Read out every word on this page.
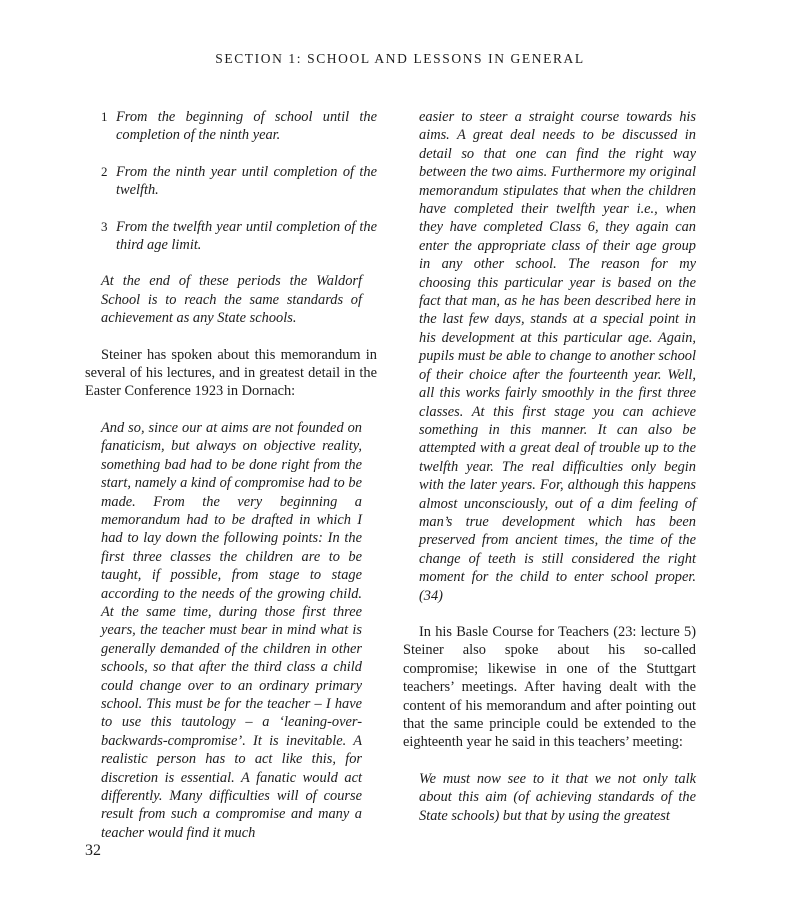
SECTION 1: SCHOOL AND LESSONS IN GENERAL
1 From the beginning of school until the completion of the ninth year.
2 From the ninth year until completion of the twelfth.
3 From the twelfth year until completion of the third age limit.

At the end of these periods the Waldorf School is to reach the same standards of achievement as any State schools.

Steiner has spoken about this memorandum in several of his lectures, and in greatest detail in the Easter Conference 1923 in Dornach:

And so, since our at aims are not founded on fanaticism, but always on objective reality, something bad had to be done right from the start, namely a kind of compromise had to be made. From the very beginning a memorandum had to be drafted in which I had to lay down the following points: In the first three classes the children are to be taught, if possible, from stage to stage according to the needs of the growing child. At the same time, during those first three years, the teacher must bear in mind what is generally demanded of the children in other schools, so that after the third class a child could change over to an ordinary primary school. This must be for the teacher – I have to use this tautology – a ‘leaning-over-backwards-compromise’. It is inevitable. A realistic person has to act like this, for discretion is essential. A fanatic would act differently. Many difficulties will of course result from such a compromise and many a teacher would find it much

easier to steer a straight course towards his aims. A great deal needs to be discussed in detail so that one can find the right way between the two aims. Furthermore my original memorandum stipulates that when the children have completed their twelfth year i.e., when they have completed Class 6, they again can enter the appropriate class of their age group in any other school. The reason for my choosing this particular year is based on the fact that man, as he has been described here in the last few days, stands at a special point in his development at this particular age. Again, pupils must be able to change to another school of their choice after the fourteenth year. Well, all this works fairly smoothly in the first three classes. At this first stage you can achieve something in this manner. It can also be attempted with a great deal of trouble up to the twelfth year. The real difficulties only begin with the later years. For, although this happens almost unconsciously, out of a dim feeling of man’s true development which has been preserved from ancient times, the time of the change of teeth is still considered the right moment for the child to enter school proper. (34)

In his Basle Course for Teachers (23: lecture 5) Steiner also spoke about his so-called compromise; likewise in one of the Stuttgart teachers’ meetings. After having dealt with the content of his memorandum and after pointing out that the same principle could be extended to the eighteenth year he said in this teachers’ meeting:

We must now see to it that we not only talk about this aim (of achieving standards of the State schools) but that by using the greatest

32
